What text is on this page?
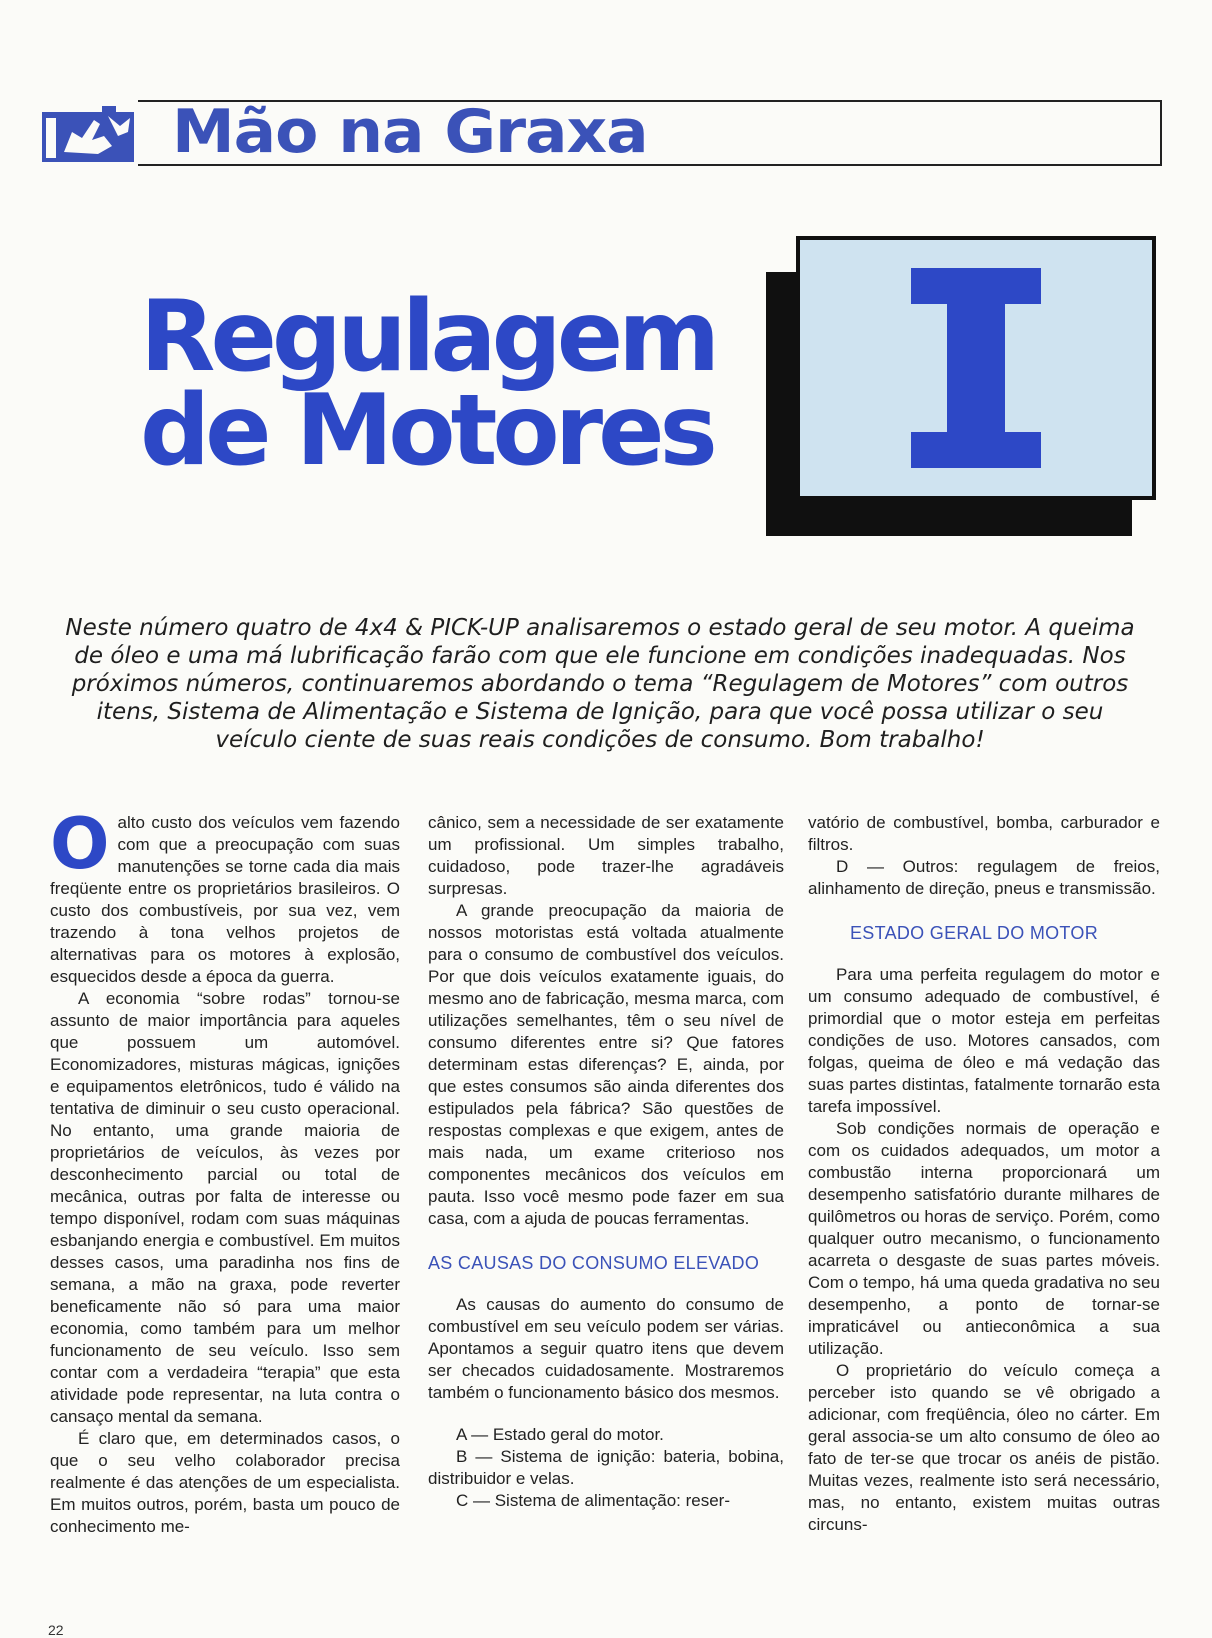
Mão na Graxa
Regulagem
de Motores

Neste número quatro de 4x4 & PICK-UP analisaremos o estado geral de seu motor. A queima de óleo e uma má lubrificação farão com que ele funcione em condições inadequadas. Nos próximos números, continuaremos abordando o tema “Regulagem de Motores” com outros itens, Sistema de Alimentação e Sistema de Ignição, para que você possa utilizar o seu veículo ciente de suas reais condições de consumo. Bom trabalho!

Oalto custo dos veículos vem fazendo com que a preocupação com suas manutenções se torne cada dia mais freqüente entre os proprietários brasileiros. O custo dos combustíveis, por sua vez, vem trazendo à tona velhos projetos de alternativas para os motores à explosão, esquecidos desde a época da guerra.

A economia “sobre rodas” tornou-se assunto de maior importância para aqueles que possuem um automóvel. Economizadores, misturas mágicas, ignições e equipamentos eletrônicos, tudo é válido na tentativa de diminuir o seu custo operacional. No entanto, uma grande maioria de proprietários de veículos, às vezes por desconhecimento parcial ou total de mecânica, outras por falta de interesse ou tempo disponível, rodam com suas máquinas esbanjando energia e combustível. Em muitos desses casos, uma paradinha nos fins de semana, a mão na graxa, pode reverter beneficamente não só para uma maior economia, como também para um melhor funcionamento de seu veículo. Isso sem contar com a verdadeira “terapia” que esta atividade pode representar, na luta contra o cansaço mental da semana.

É claro que, em determinados casos, o que o seu velho colaborador precisa realmente é das atenções de um especialista. Em muitos outros, porém, basta um pouco de conhecimento me-

cânico, sem a necessidade de ser exatamente um profissional. Um simples trabalho, cuidadoso, pode trazer-lhe agradáveis surpresas.

A grande preocupação da maioria de nossos motoristas está voltada atualmente para o consumo de combustível dos veículos. Por que dois veículos exatamente iguais, do mesmo ano de fabricação, mesma marca, com utilizações semelhantes, têm o seu nível de consumo diferentes entre si? Que fatores determinam estas diferenças? E, ainda, por que estes consumos são ainda diferentes dos estipulados pela fábrica? São questões de respostas complexas e que exigem, antes de mais nada, um exame criterioso nos componentes mecânicos dos veículos em pauta. Isso você mesmo pode fazer em sua casa, com a ajuda de poucas ferramentas.

AS CAUSAS DO CONSUMO ELEVADO

As causas do aumento do consumo de combustível em seu veículo podem ser várias. Apontamos a seguir quatro itens que devem ser checados cuidadosamente. Mostraremos também o funcionamento básico dos mesmos.

A — Estado geral do motor.

B — Sistema de ignição: bateria, bobina, distribuidor e velas.

C — Sistema de alimentação: reser-

vatório de combustível, bomba, carburador e filtros.

D — Outros: regulagem de freios, alinhamento de direção, pneus e transmissão.

ESTADO GERAL DO MOTOR

Para uma perfeita regulagem do motor e um consumo adequado de combustível, é primordial que o motor esteja em perfeitas condições de uso. Motores cansados, com folgas, queima de óleo e má vedação das suas partes distintas, fatalmente tornarão esta tarefa impossível.

Sob condições normais de operação e com os cuidados adequados, um motor a combustão interna proporcionará um desempenho satisfatório durante milhares de quilômetros ou horas de serviço. Porém, como qualquer outro mecanismo, o funcionamento acarreta o desgaste de suas partes móveis. Com o tempo, há uma queda gradativa no seu desempenho, a ponto de tornar-se impraticável ou antieconômica a sua utilização.

O proprietário do veículo começa a perceber isto quando se vê obrigado a adicionar, com freqüência, óleo no cárter. Em geral associa-se um alto consumo de óleo ao fato de ter-se que trocar os anéis de pistão. Muitas vezes, realmente isto será necessário, mas, no entanto, existem muitas outras circuns-

22
